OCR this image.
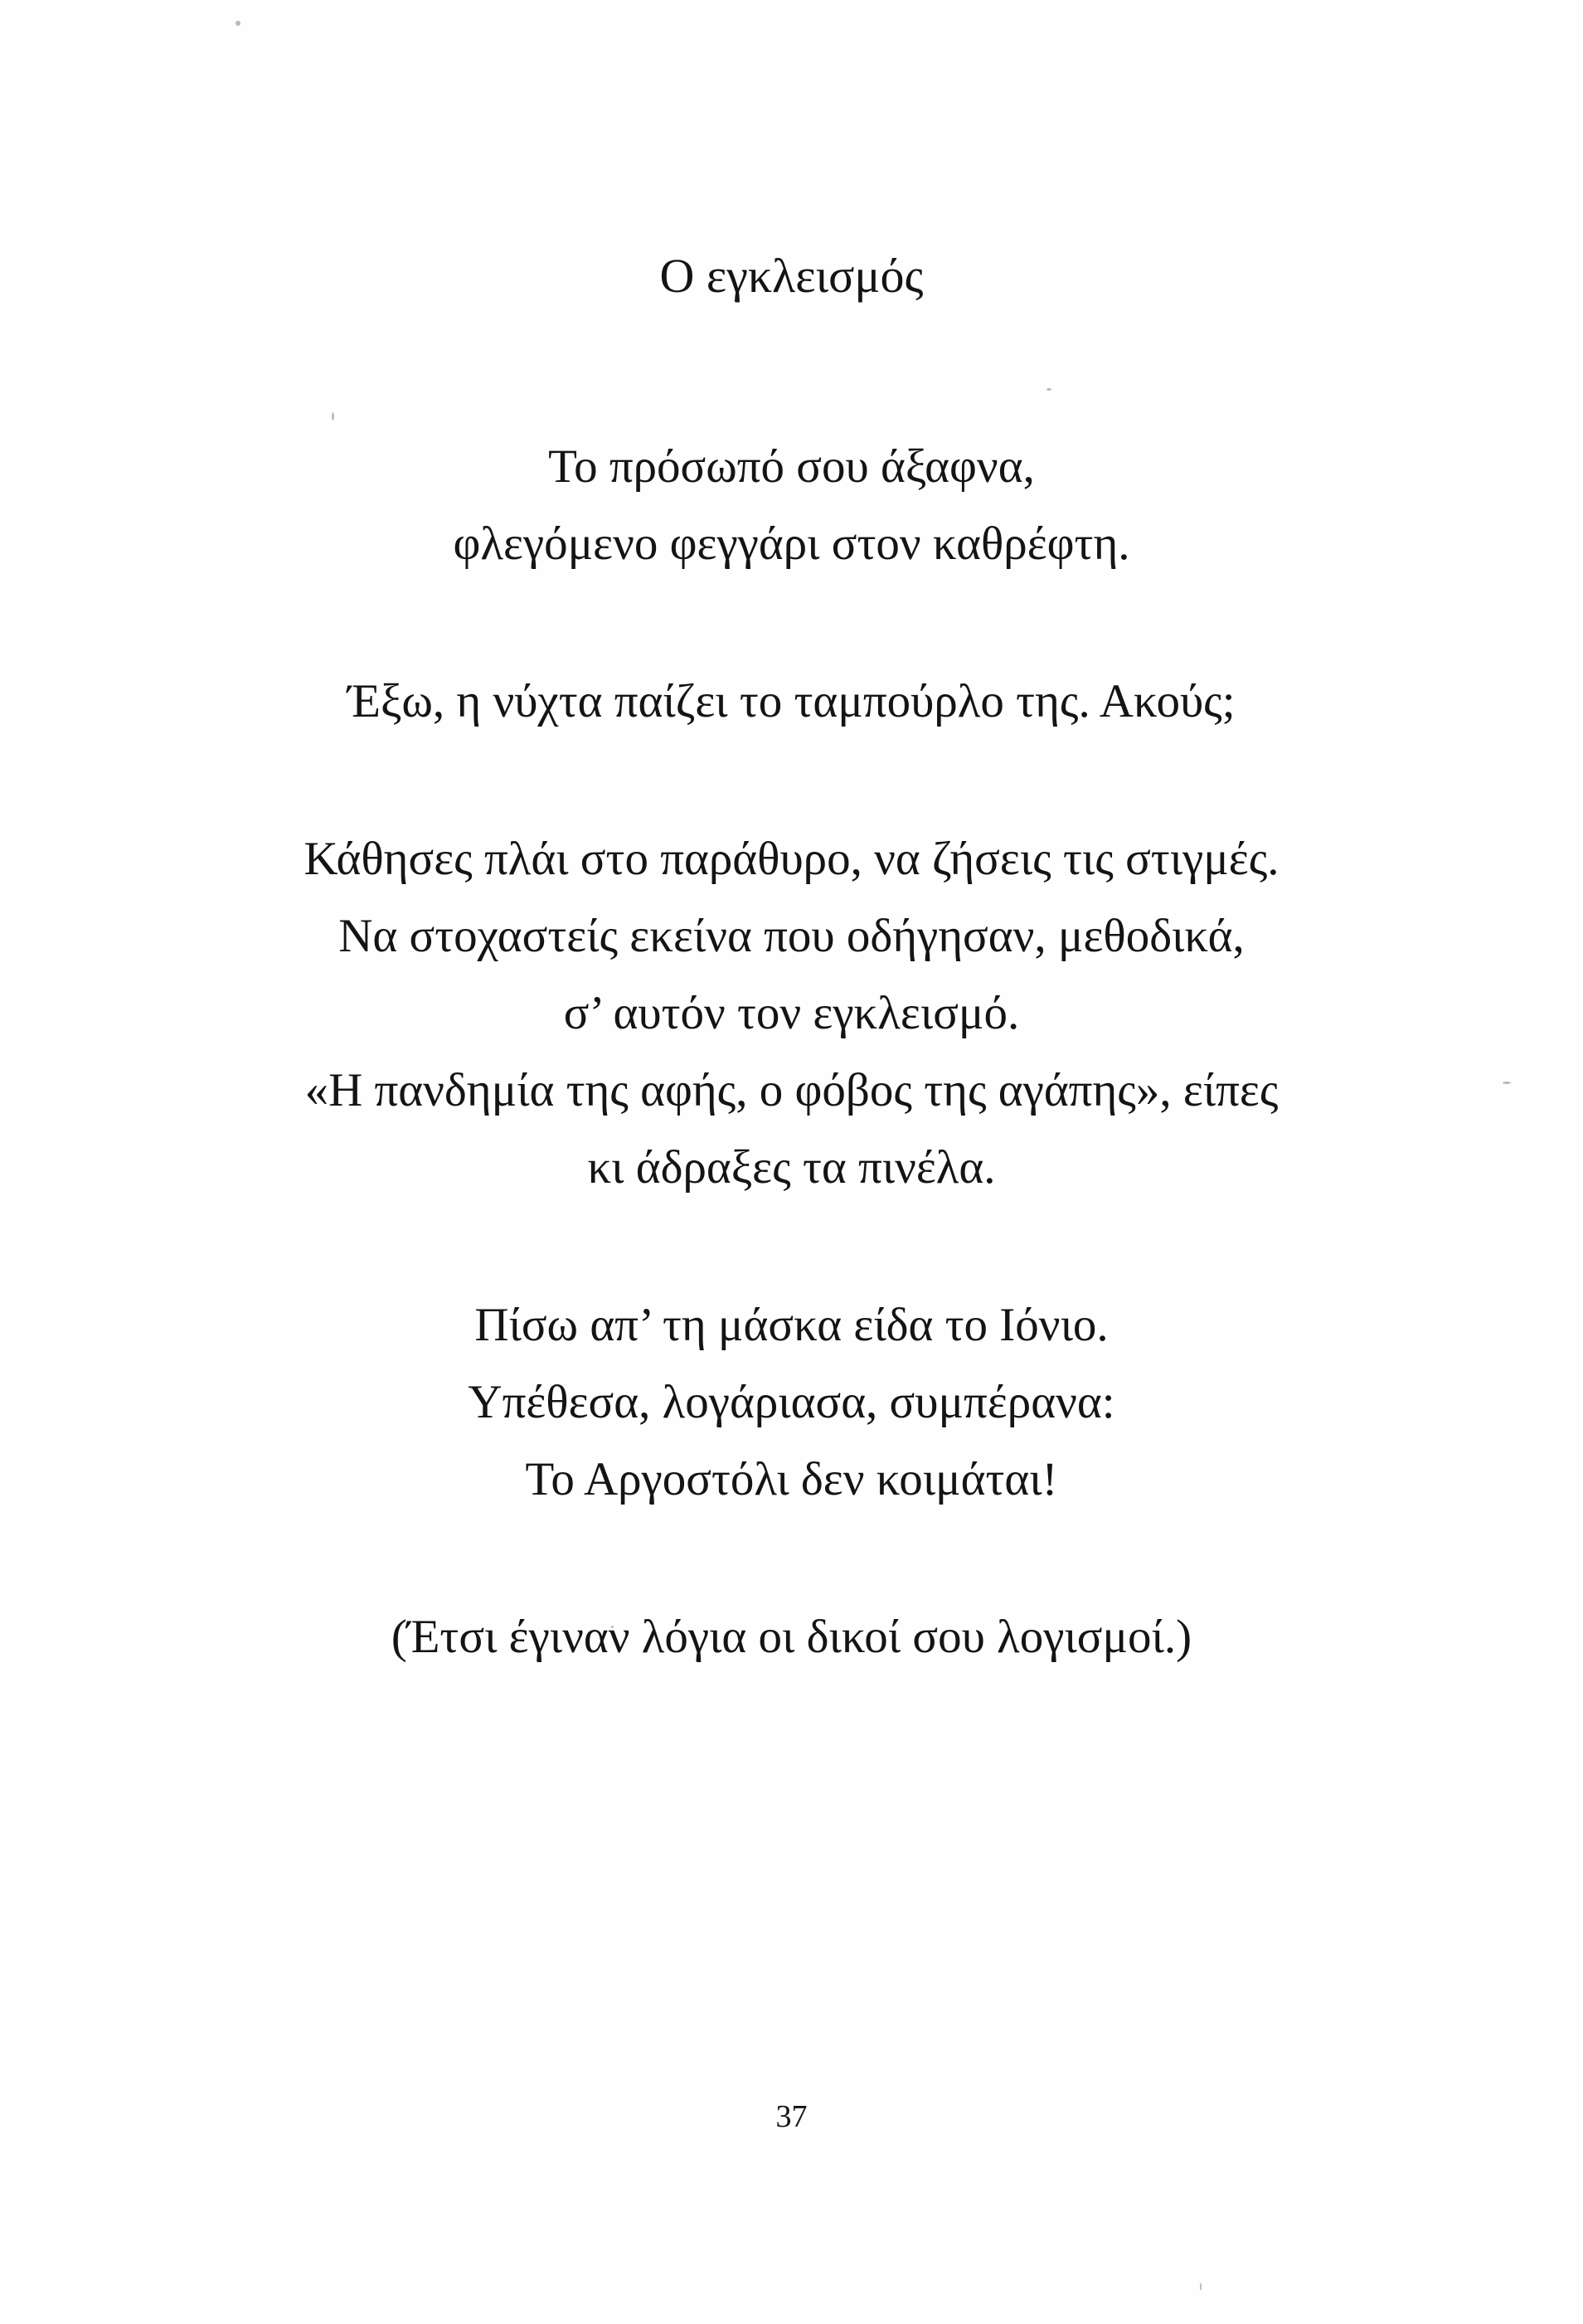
Ο εγκλεισμός

Το πρόσωπό σου άξαφνα,
φλεγόμενο φεγγάρι στον καθρέφτη.

Έξω, η νύχτα παίζει το ταμπούρλο της. Ακούς;

Κάθησες πλάι στο παράθυρο, να ζήσεις τις στιγμές.
Να στοχαστείς εκείνα που οδήγησαν, μεθοδικά,
σ’ αυτόν τον εγκλεισμό.
«Η πανδημία της αφής, ο φόβος της αγάπης», είπες
κι άδραξες τα πινέλα.

Πίσω απ’ τη μάσκα είδα το Ιόνιο.
Υπέθεσα, λογάριασα, συμπέρανα:
Το Αργοστόλι δεν κοιμάται!

(Έτσι έγιναν λόγια οι δικοί σου λογισμοί.)

37
